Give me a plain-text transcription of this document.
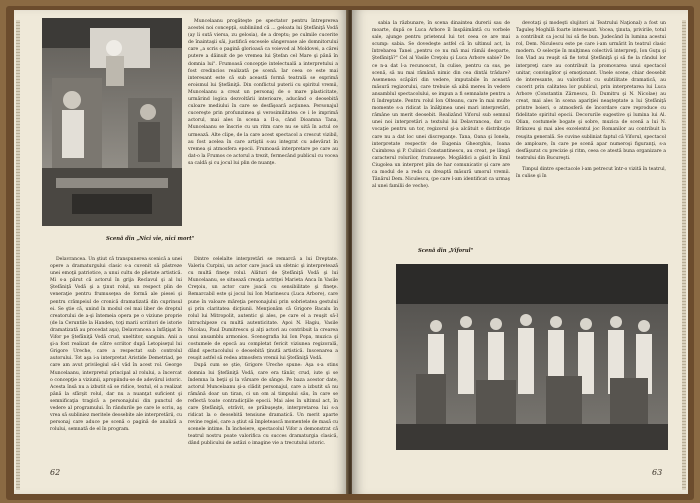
Scenă din „Nici vie, nici mort"

Muncelaanu progăteşte pe spectator pentru întreprerea acestei noi concepţii, subliniind că ... geloata lui Ştefăniţă Vodă (ay li sută viersa, zu gelosia), de a dreptu; pe culmile cucerite de înaintaşii săi, justifică excesele sângeroase ale domnitorului care „a scris o pagină glorioasă ca voievod al Moldovei, a cărei putere a dăinuit de pe vremea lui Ştefan cel Mare şi până în domnia lui". Frumoasă concepţie intelectuală a interpretului a fost credincios realizată pe scenă. Iar ceea ce este mai interesant este că sub această formă teatrală se exprimă eroismul lui Ştefăniţă. Din conflictul puterii cu spiritul vremii, Muncelaanu a creat un personaj de o mare plasticitate, urmărind logica dezvoltării interioare, aducând o deosebită culoare mediului în care se desfăşoară acţiunea. Personajul cucereşte prin profunzimea şi verosimilitatea ce i le imprimă actorul, mai ales în scena a II-a, când Dioamna Tana, Muncelaanu se înscrie cu un ritm care nu se uită în actul ce urmează. Alte clipe, de la care acest spectacol a crescut vizibil, au fost acelea în care artiştii s-au integrat cu adevărat în vremea şi atmosfera epocii. Frumoasă interpretare pe care au dat-o la Frumos ce actorul a trezit, fermecând publicul cu vocea sa caldă şi cu jocul lui plin de nuanţe.

Delavrancea. Un ştiut că transpunerea scenică a unei opere a dramaturgului clasic s-a cuvenit să păstreze unei emoţii patriotice, a unui cultu de plietate artistică. Mi s-a părut că actorul în grija Reclavul şi al lui Ştefăniţă Vodă şi a ţinut rolul, un respect plin de veneraţie pentru frumuseţea de formă ale piesei şi pentru crâmpeiul de cronică dramatizată din cuprinsul ei. Se ştie că, unind în modul cel mai liber de dreptul creatorului de a-şi întemeia opera pe o viziune proprie (de la Ceruntile la Handen, toţi marii scriitori de istorie dramatizată au procedat aşa), Delavrancea a înfăţişat în Vifor pe Ştefăniţă Vodă crud, uneltitor, sanguin. Anii a şi-a fost realizat de către scriitor după Letopiseţul lui Grigore Ureche, care a respectat sub controlul autorului. Tot aşa i-a interpretat Aristide Demetriad, pe care am avut privilegiul să-l văd în acest rol. George Muncelaanu, interpretul principal al rolului, a încercat o concepţie a viziunii, apropiindu-se de adevărul istoric. Acesta însă nu a izbutit să se ridice, textul, el a realizat până la sfârşit rolul, dar nu a nuanţat suficient şi semnificaţia tragică a personajului din punctul de vedere al programului. În rândurile pe care le scriu, aş vrea să subliniez meritele deosebite ale interpretării, cu personaj care aduce pe scenă o pagină de analiză a rolului, semnată de el în program.

Dintre celelalte interpretări se remarcă a lui Dreptate. Valeriu Curpini, un actor care joacă un sfetnic şi interpretează cu multă fineţe rolul. Alături de Ştefăniţă Vodă şi lui Muncelaanu, se situează creaţia actriţei Marieta Anca în Vasile Creţoiu, un actor care joacă cu sensibilitate şi fineţe. Remarcabil este şi jocul lui Ion Marinescu (Luca Arbore), care pune în valoare măreţia personajului prin sobrietatea gestului şi prin claritatea dicţiunii. Menţionăm că Grigore Bacalu în rolul lui Mitropolit, autentic şi ales, pe care el a reuşit să-l întruchipeze cu multă autenticitate. Apoi N. Hagiu, Vasile Nicolau, Paul Dumitrescu şi alţi actori au contribuit la crearea unui ansamblu armonios. Scenografia lui Ion Popa, muzica şi costumele de epocă au completat fericit viziunea regizorală, dând spectacolului o deosebită ţinută artistică. Inscenarea a reuşit astfel să redea atmosfera vremii lui Ştefăniţă Vodă.

După cum se ştie, Grigore Ureche spune: Aşa s-a stins domnia lui Ştefăniţă Vodă, care era tânăr, crud, iute şi se îndemna la beţii şi la vărsare de sânge. Pe baza acestor date, actorul Muncelaanu şi-a clădit personajul, care a izbutit să nu rămână doar un tiran, ci un om al timpului său, în care se reflectă toate contradicţiile epocii. Mai ales în ultimul act, în care Ştefăniţă, otrăvit, se prăbuşeşte, interpretarea lui s-a ridicat la o deosebită tensiune dramatică. Un merit aparte revine regiei, care a ştiut să împletească momentele de masă cu scenele intime. În încheiere, spectacolul Vifor a demonstrat că teatrul nostru poate valorifica cu succes dramaturgia clasică, dând publicului de astăzi o imagine vie a trecutului istoric.

62

sabia la răzbunare, în scena dinaintea durerii sau de moarte, după ce Luca Arbore îl înspăimântă cu vorbele sale, ajunge pentru prietenul lui tot ceea ce are mai scump: sabia. Se dovedeşte astfel că în ultimul act, la întrebarea Tanei „pentru ce nu mă mai rămâi deoparte, Ştefăniţă?" Cel al Vasile Creţoiu şi Luca Arbore sabie? De ce n-a dat l-a recunoscut, în culise, pentru ca sus, pe scenă, să nu mai rămână nimic din cea dintâi trădare? Asemenea scăpări din vedere, imputabile în această măsură regizorului, care trebuie să aibă mereu în vedere ansamblul spectacolului, se impun a fi semnalate pentru a fi îndreptate. Pentru rolul Ion Olteanu, care în mai multe momente s-a ridicat la înălţimea unei mari interpretări, rămâne un merit deosebit. Realizând Viforul sub semnul unei noi interpretări a textului lui Delavrancea, dar cu vocaţie pentru un tor, regizorul şi-a alcătuit o distribuţie care nu a dat loc unei discrepanţe. Tana, Oana şi Ionela, interpretate respectiv de Eugenia Gheorghiu, Ioana Cuimbrea şi P. Culinici Constantinescu, au creat, pe lângă caracterul rolurilor, frumuseţe. Mogâldici a găsit în Emil Ciugolea un interpret plin de har comunicativ şi care are ca modul de a reda cu dreaptă măsură umorul vremii. Tânărul Dem. Niculescu, (pe care l-am identificat ca urmaş al unei familii de veche).

devotaţi şi modeşti slujitori ai Teatrului Naţional) a fost un Taguleş Moghilă foarte interesant. Vocea, ţinuta, privirile, totul a contribuit ca jocul lui să fie bun. Judecând în lumina acestui rol, Dem. Niculescu este pe care i-am urmărit în teatrul clasic modern. O selecţie în mulţimea colectivă interpreţi, Ion Guţu şi Ion Vlad au reuşit să fie totul Ştefăniţă şi să fie la rândul lor interpreţi care au contribuit la promovarea unui spectacol unitar, convingător şi emoţionant. Unele scene, chiar deosebit de interesante, au valorificat cu subtilitate dramatică, au cucerit prin calitatea lor publicul, prin interpretarea lui Luca Arbore (Constantin Zărnescu, D. Dumitru şi N. Nicolae) au creat, mai ales în scena apariţiei neaşteptate a lui Ştefăniţă printre boieri, o atmosferă de încordare care reproduce cu fidelitate spiritul epocii. Decorurile sugestive şi lumina lui Al. Olian, costumele bogate şi sobre, muzica de scenă a lui N. Brânzeu şi mai ales excelentul joc Romanilor au contribuit la reuşita generală. Se cuvine subliniat faptul că Viforul, spectacol de amploare, în care pe scenă apar numeroşi figuranţi, s-a desfăşurat cu precizie şi ritm, ceea ce atestă buna organizare a teatrului din Bucureşti.

Timpul dintre spectacole l-am petrecut într-o vizită în teatrul, în culise şi în

Scenă din „Viforul"
63
